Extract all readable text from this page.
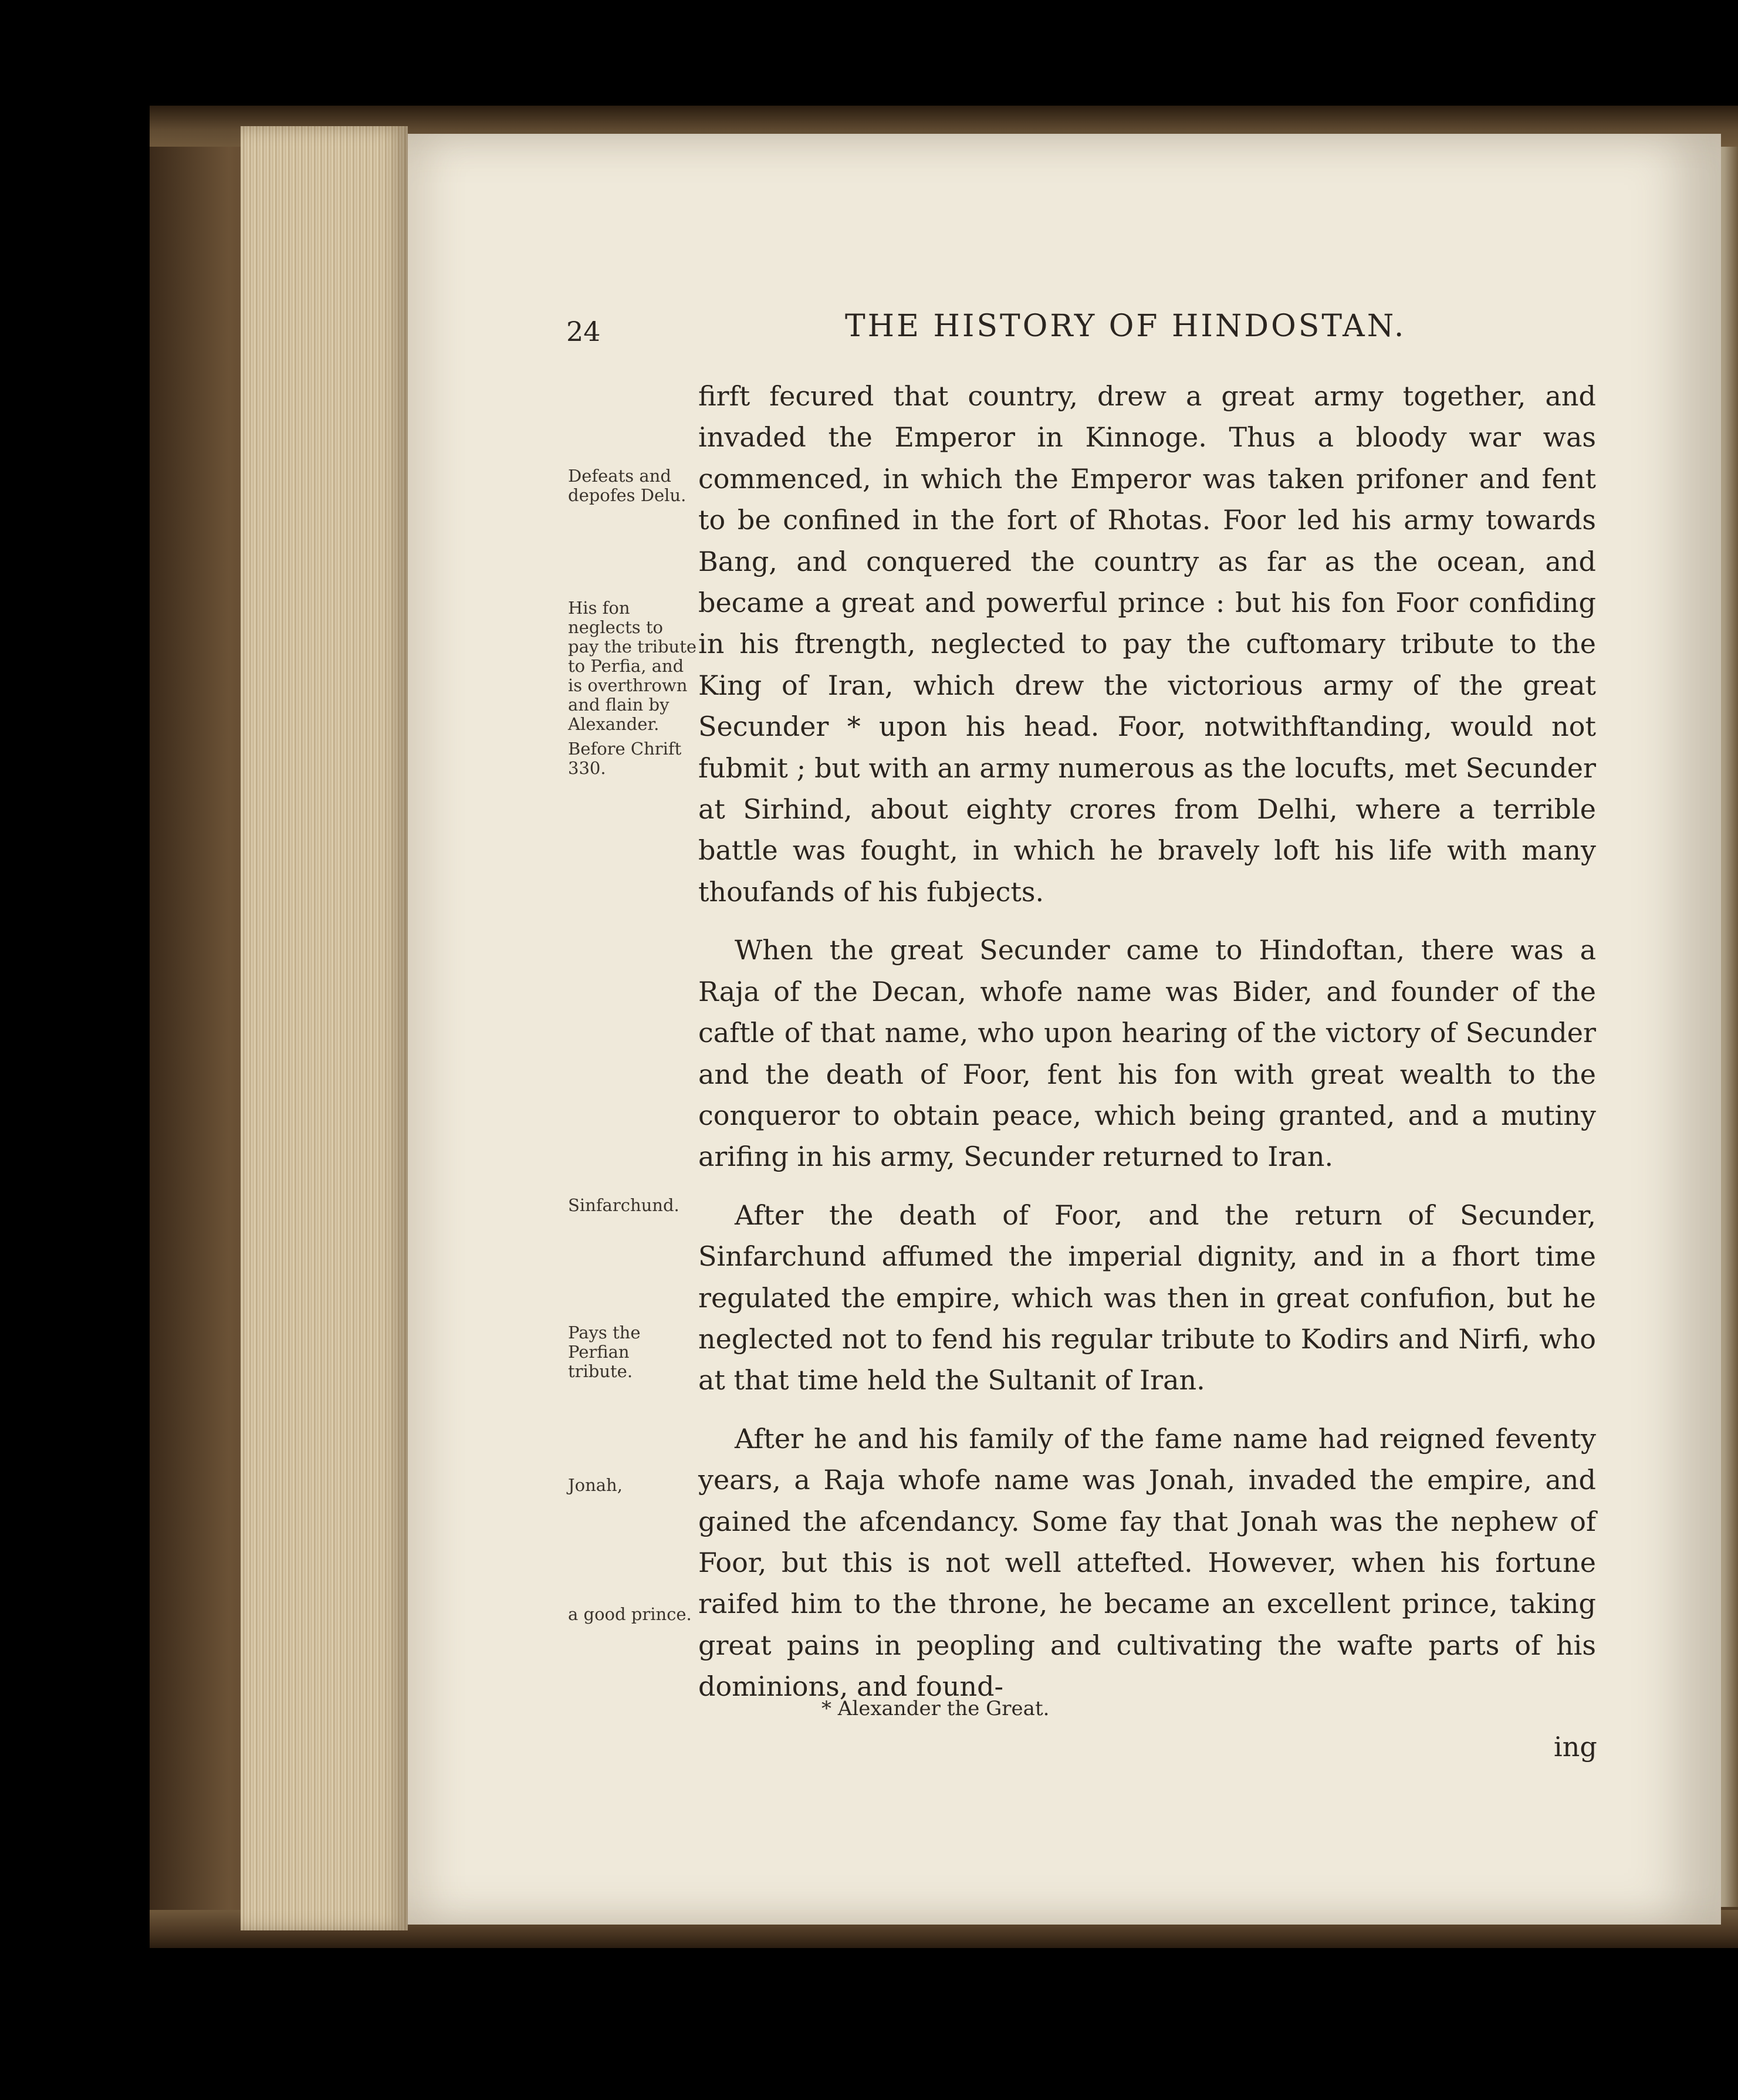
24	THE HISTORY OF HINDOSTAN.

Defeats and depofes Delu.

His fon neglects to pay the tribute to Perfia, and is overthrown and flain by Alexander.

Before Chrift 330.

Sinfarchund.

Pays the Perfian tribute.

Jonah,

a good prince.

firft fecured that country, drew a great army together, and invaded the Emperor in Kinnoge. Thus a bloody war was commenced, in which the Emperor was taken prifoner and fent to be confined in the fort of Rhotas. Foor led his army towards Bang, and conquered the country as far as the ocean, and became a great and powerful prince : but his fon Foor confiding in his ftrength, neglected to pay the cuftomary tribute to the King of Iran, which drew the victorious army of the great Secunder * upon his head. Foor, notwithftanding, would not fubmit ; but with an army numerous as the locufts, met Secunder at Sirhind, about eighty crores from Delhi, where a terrible battle was fought, in which he bravely loft his life with many thoufands of his fubjects.

When the great Secunder came to Hindoftan, there was a Raja of the Decan, whofe name was Bider, and founder of the caftle of that name, who upon hearing of the victory of Secunder and the death of Foor, fent his fon with great wealth to the conqueror to obtain peace, which being granted, and a mutiny arifing in his army, Secunder returned to Iran.

After the death of Foor, and the return of Secunder, Sinfarchund affumed the imperial dignity, and in a fhort time regulated the empire, which was then in great confufion, but he neglected not to fend his regular tribute to Kodirs and Nirfi, who at that time held the Sultanit of Iran.

After he and his family of the fame name had reigned feventy years, a Raja whofe name was Jonah, invaded the empire, and gained the afcendancy. Some fay that Jonah was the nephew of Foor, but this is not well attefted. However, when his fortune raifed him to the throne, he became an excellent prince, taking great pains in peopling and cultivating the wafte parts of his dominions, and found-

* Alexander the Great.

ing
